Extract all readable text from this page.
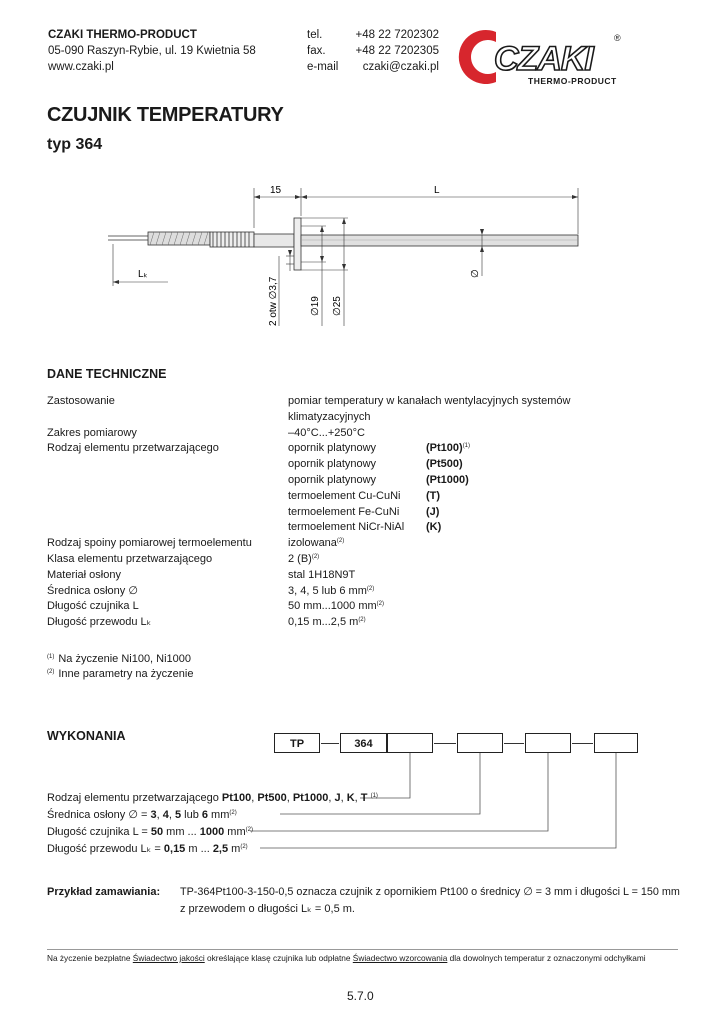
CZAKI THERMO-PRODUCT
05-090 Raszyn-Rybie, ul. 19 Kwietnia 58
www.czaki.pl
tel.	+48 22 7202302
fax.	+48 22 7202305
e-mail czaki@czaki.pl CZAKI
THERMO-PRODUCT
®
CZUJNIK TEMPERATURY
typ 364
15	L
Lₖ
∅19 ∅25
2 otw ∅3,7
∅
DANE TECHNICZNE
Zastosowanie	pomiar temperatury w kanałach wentylacyjnych systemów
klimatyzacyjnych
Zakres pomiarowy	–40°C...+250°C
Rodzaj elementu przetwarzającego	opornik platynowy	$(Pt100)^{(1)}$
opornik platynowy	(Pt500)
opornik platynowy	(Pt1000)
termoelement Cu-CuNi (T)
termoelement Fe-CuNi (J)
termoelement NiCr-NiAl (K)
Rodzaj spoiny pomiarowej termoelementu	izolowana$^{(2)}$
Klasa elementu przetwarzającego	2 $(B)^{(2)}$
Materiał osłony	stal 1H18N9T
Średnica osłony ∅	3, 4, 5 lub 6 $mm^{(2)}$
Długość czujnika L	50 mm...1000 $mm^{(2)}$
Długość przewodu Lₖ	0,15 m...2,5 $m^{(2)}$
$^{(1)}$ Na życzenie Ni100, Ni1000
$^{(2)}$ Inne parametry na życzenie
WYKONANIA
TP	364
Rodzaj elementu przetwarzającego Pt100, Pt500, Pt1000, J, K, T $^{(1)}$
Średnica osłony ∅ = 3, 4, 5 lub 6 $mm^{(2)}$
Długość czujnika L = 50 mm ... 1000 $mm^{(2)}$
Długość przewodu Lₖ = 0,15 m ... 2,5 $m^{(2)}$
Przykład zamawiania: TP-364Pt100-3-150-0,5 oznacza czujnik z opornikiem Pt100 o średnicy ∅ = 3 mm i długości L = 150 mm
z przewodem o długości Lₖ = 0,5 m.
Na życzenie bezpłatne Świadectwo jakości określające klasę czujnika lub odpłatne Świadectwo wzorcowania dla dowolnych temperatur z oznaczonymi odchyłkami
5.7.0
